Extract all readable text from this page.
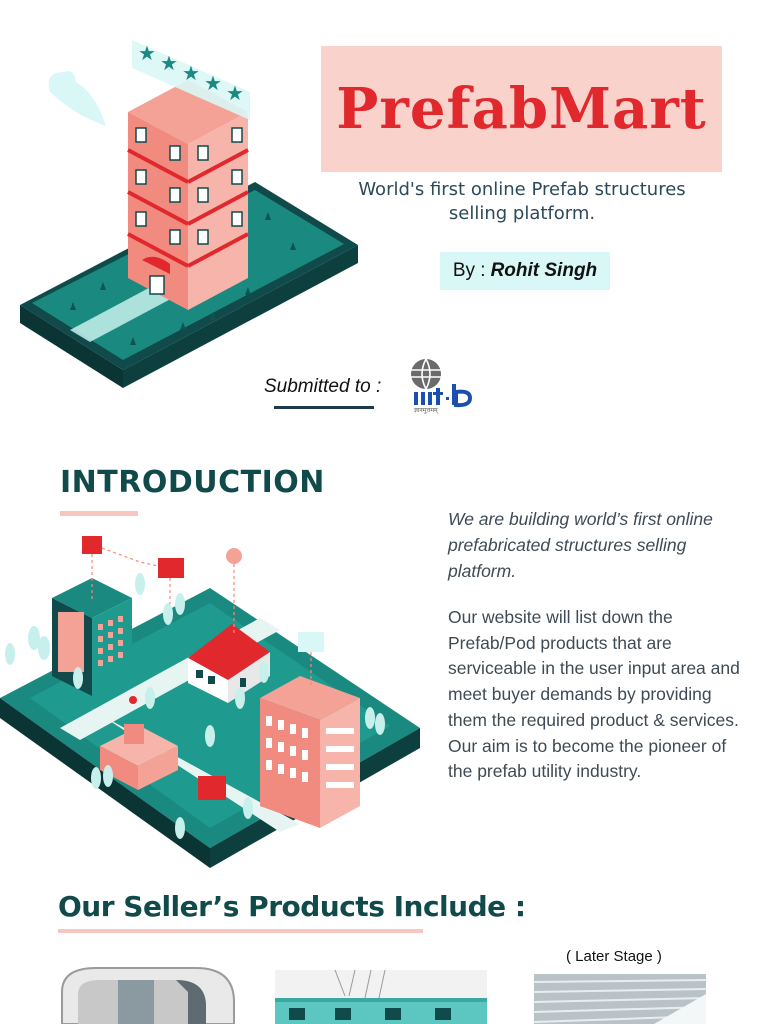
★ ★ ★ ★ ★ PrefabMart
World's first online Prefab structures selling platform.
By : Rohit Singh
Submitted to :
ज्ञानमुत्तमम्
INTRODUCTION
We are building world’s first online prefabricated structures selling platform.
Our website will list down the Prefab/Pod products that are serviceable in the user input area and meet buyer demands by providing them the required product & services. Our aim is to become the pioneer of the prefab utility industry.
Our Seller’s Products Include :
( Later Stage )
